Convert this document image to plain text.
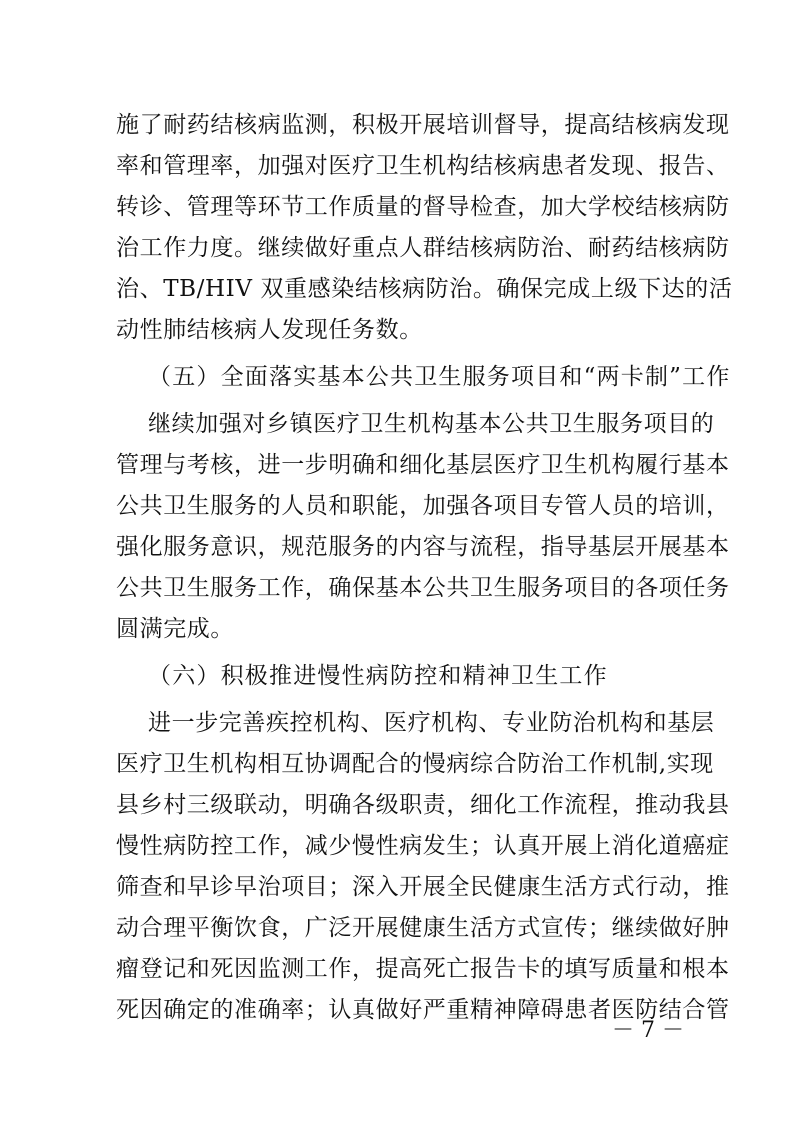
施了耐药结核病监测，积极开展培训督导，提高结核病发现
率和管理率，加强对医疗卫生机构结核病患者发现、报告、
转诊、管理等环节工作质量的督导检查，加大学校结核病防
治工作力度。继续做好重点人群结核病防治、耐药结核病防
治、TB/HIV 双重感染结核病防治。确保完成上级下达的活
动性肺结核病人发现任务数。
（五）全面落实基本公共卫生服务项目和“两卡制”工作
继续加强对乡镇医疗卫生机构基本公共卫生服务项目的
管理与考核，进一步明确和细化基层医疗卫生机构履行基本
公共卫生服务的人员和职能，加强各项目专管人员的培训，
强化服务意识，规范服务的内容与流程，指导基层开展基本
公共卫生服务工作，确保基本公共卫生服务项目的各项任务
圆满完成。
（六）积极推进慢性病防控和精神卫生工作
进一步完善疾控机构、医疗机构、专业防治机构和基层
医疗卫生机构相互协调配合的慢病综合防治工作机制,实现
县乡村三级联动，明确各级职责，细化工作流程，推动我县
慢性病防控工作，减少慢性病发生；认真开展上消化道癌症
筛查和早诊早治项目；深入开展全民健康生活方式行动，推
动合理平衡饮食，广泛开展健康生活方式宣传；继续做好肿
瘤登记和死因监测工作，提高死亡报告卡的填写质量和根本
死因确定的准确率；认真做好严重精神障碍患者医防结合管
－ 7 －
